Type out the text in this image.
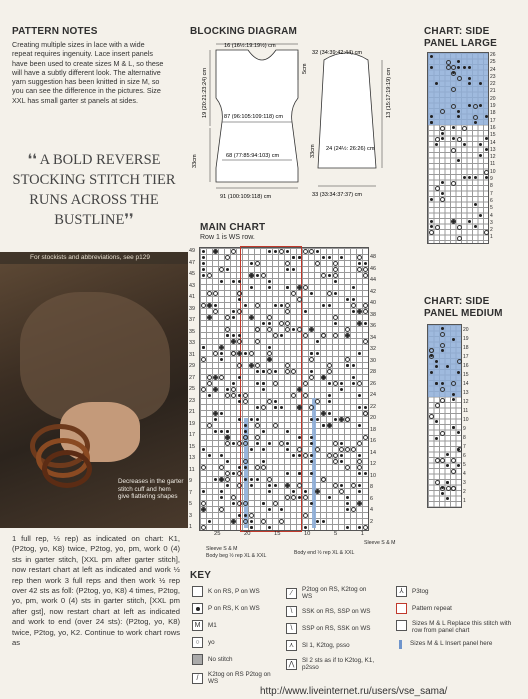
PATTERN NOTES
Creating multiple sizes in lace with a wide repeat requires ingenuity. Lace insert panels have been used to create sizes M & L, so these will have a subtly different look. The alternative yarn suggestion has been knitted in size M, so you can see the difference in the pictures. Size XXL has small garter st panels at sides.
❛❛ A BOLD REVERSE
STOCKING STITCH TIER
RUNS ACROSS THE
BUSTLINE❜❜
For stockists and abbreviations, see p129
Decreases in the garter stitch cuff and hem give flattering shapes
1 full rep, ½ rep) as indicated on chart: K1, (P2tog, yo, K8) twice, P2tog, yo, pm, work 0 (4) sts in garter stitch, [XXL pm after garter stitch], now restart chart at left as indicated and work ½ rep then work 3 full reps and then work ½ rep over 42 sts as foll: (P2tog, yo, K8) 4 times, P2tog, yo, pm, work 0 (4) sts in garter stitch, [XXL pm after gst], now restart chart at left as indicated and work to end (over 24 sts): (P2tog, yo, K8) twice, P2tog, yo, K2. Continue to work chart rows as
BLOCKING DIAGRAM
16 (16½:19:19½) cm
32 (34:39:42:44) cm
19 (20:21:23:24) cm	5cm
87 (96:105:109:118) cm
68 (77:85:94:103) cm
33cm
91 (100:109:118) cm
13 (15:17:19:19) cm
33cm 24 (24½: 26:26) cm
33 (33:34:37:37) cm
MAIN CHART
Row 1 is WS row.
49
47
45
43
41
39
37
35
33
31
29
27
25
23
21
19
17
15
13
11
9
7
5
3
1
48
46
44
42
40
38
36
34
32
30
28
26
24
22
20
18
16
14
12
10
8
6
4
2
25	20	15	10	5	1
Sleeve S & M
Body beg ½ rep XL & XXL	Body end ½ rep XL & XXL
Sleeve S & M
CHART: SIDE
PANEL LARGE
26
25
24
23
22
21
20
19
18
17
16
15
14
13
12
11
10
9
8
7
6
5
4
3
2
1
CHART: SIDE
PANEL MEDIUM
20
19
18
17
16
15
14
13
12
11
10
9
8
7
6
5
4
3
2
1
KEY
K on RS, P on WS
P on RS, K on WS
M	M1
○	yo
No stitch
/	K2tog on RS P2tog on WS
⁄	P2tog on RS, K2tog on WS
\	SSK on RS, SSP on WS
\	SSP on RS, SSK on WS
⋏	Sl 1, K2tog, psso
⋀	Sl 2 sts as if to K2tog, K1, p2sso
⅄	P3tog
Pattern repeat
Sizes M & L Replace this stitch with row from panel chart
Sizes M & L Insert panel here
http://www.liveinternet.ru/users/vse_sama/
